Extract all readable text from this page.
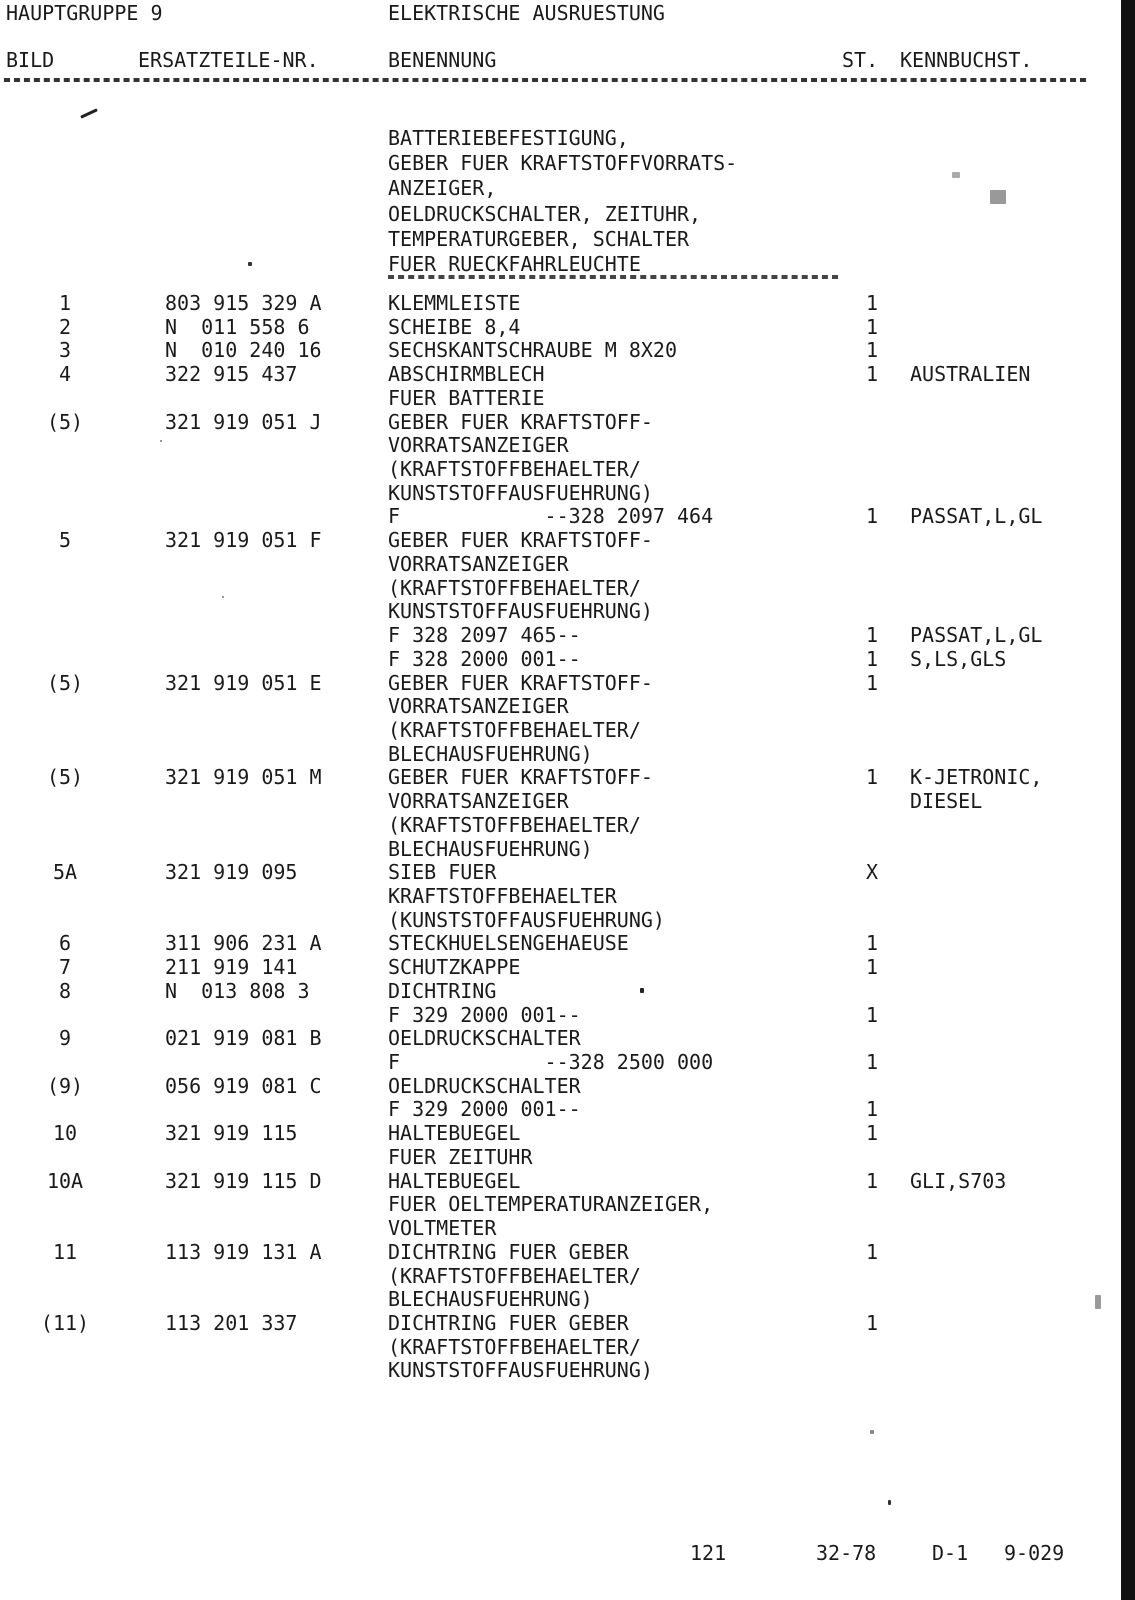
HAUPTGRUPPE 9	ELEKTRISCHE AUSRUESTUNG
BILD	ERSATZTEILE-NR.	BENENNUNG	ST. KENNBUCHST.
BATTERIEBEFESTIGUNG,
GEBER FUER KRAFTSTOFFVORRATS-
ANZEIGER,
OELDRUCKSCHALTER, ZEITUHR,
TEMPERATURGEBER, SCHALTER
FUER RUECKFAHRLEUCHTE
1	803 915 329 A	KLEMMLEISTE	1
2	N  011 558 6	SCHEIBE 8,4	1
3	N  010 240 16	SECHSKANTSCHRAUBE M 8X20	1
4	322 915 437	ABSCHIRMBLECH	1 AUSTRALIEN
FUER BATTERIE
(5)	321 919 051 J	GEBER FUER KRAFTSTOFF-
VORRATSANZEIGER
(KRAFTSTOFFBEHAELTER/
KUNSTSTOFFAUSFUEHRUNG)
F            --328 2097 464	1 PASSAT,L,GL
5	321 919 051 F	GEBER FUER KRAFTSTOFF-
VORRATSANZEIGER
(KRAFTSTOFFBEHAELTER/
KUNSTSTOFFAUSFUEHRUNG)
F 328 2097 465--	1 PASSAT,L,GL
F 328 2000 001--	1 S,LS,GLS
(5)	321 919 051 E	GEBER FUER KRAFTSTOFF-	1
VORRATSANZEIGER
(KRAFTSTOFFBEHAELTER/
BLECHAUSFUEHRUNG)
(5)	321 919 051 M	GEBER FUER KRAFTSTOFF-	1 K-JETRONIC,
VORRATSANZEIGER	DIESEL
(KRAFTSTOFFBEHAELTER/
BLECHAUSFUEHRUNG)
5A	321 919 095	SIEB FUER	X
KRAFTSTOFFBEHAELTER
(KUNSTSTOFFAUSFUEHRUNG)
6	311 906 231 A	STECKHUELSENGEHAEUSE	1
7	211 919 141	SCHUTZKAPPE	1
8	N  013 808 3	DICHTRING
F 329 2000 001--	1
9	021 919 081 B	OELDRUCKSCHALTER
F            --328 2500 000	1
(9)	056 919 081 C	OELDRUCKSCHALTER
F 329 2000 001--	1
10	321 919 115	HALTEBUEGEL	1
FUER ZEITUHR
10A	321 919 115 D	HALTEBUEGEL	1 GLI,S703
FUER OELTEMPERATURANZEIGER,
VOLTMETER
11	113 919 131 A	DICHTRING FUER GEBER	1
(KRAFTSTOFFBEHAELTER/
BLECHAUSFUEHRUNG)
(11)	113 201 337	DICHTRING FUER GEBER	1
(KRAFTSTOFFBEHAELTER/
KUNSTSTOFFAUSFUEHRUNG)
121	32-78	D-1 9-029
